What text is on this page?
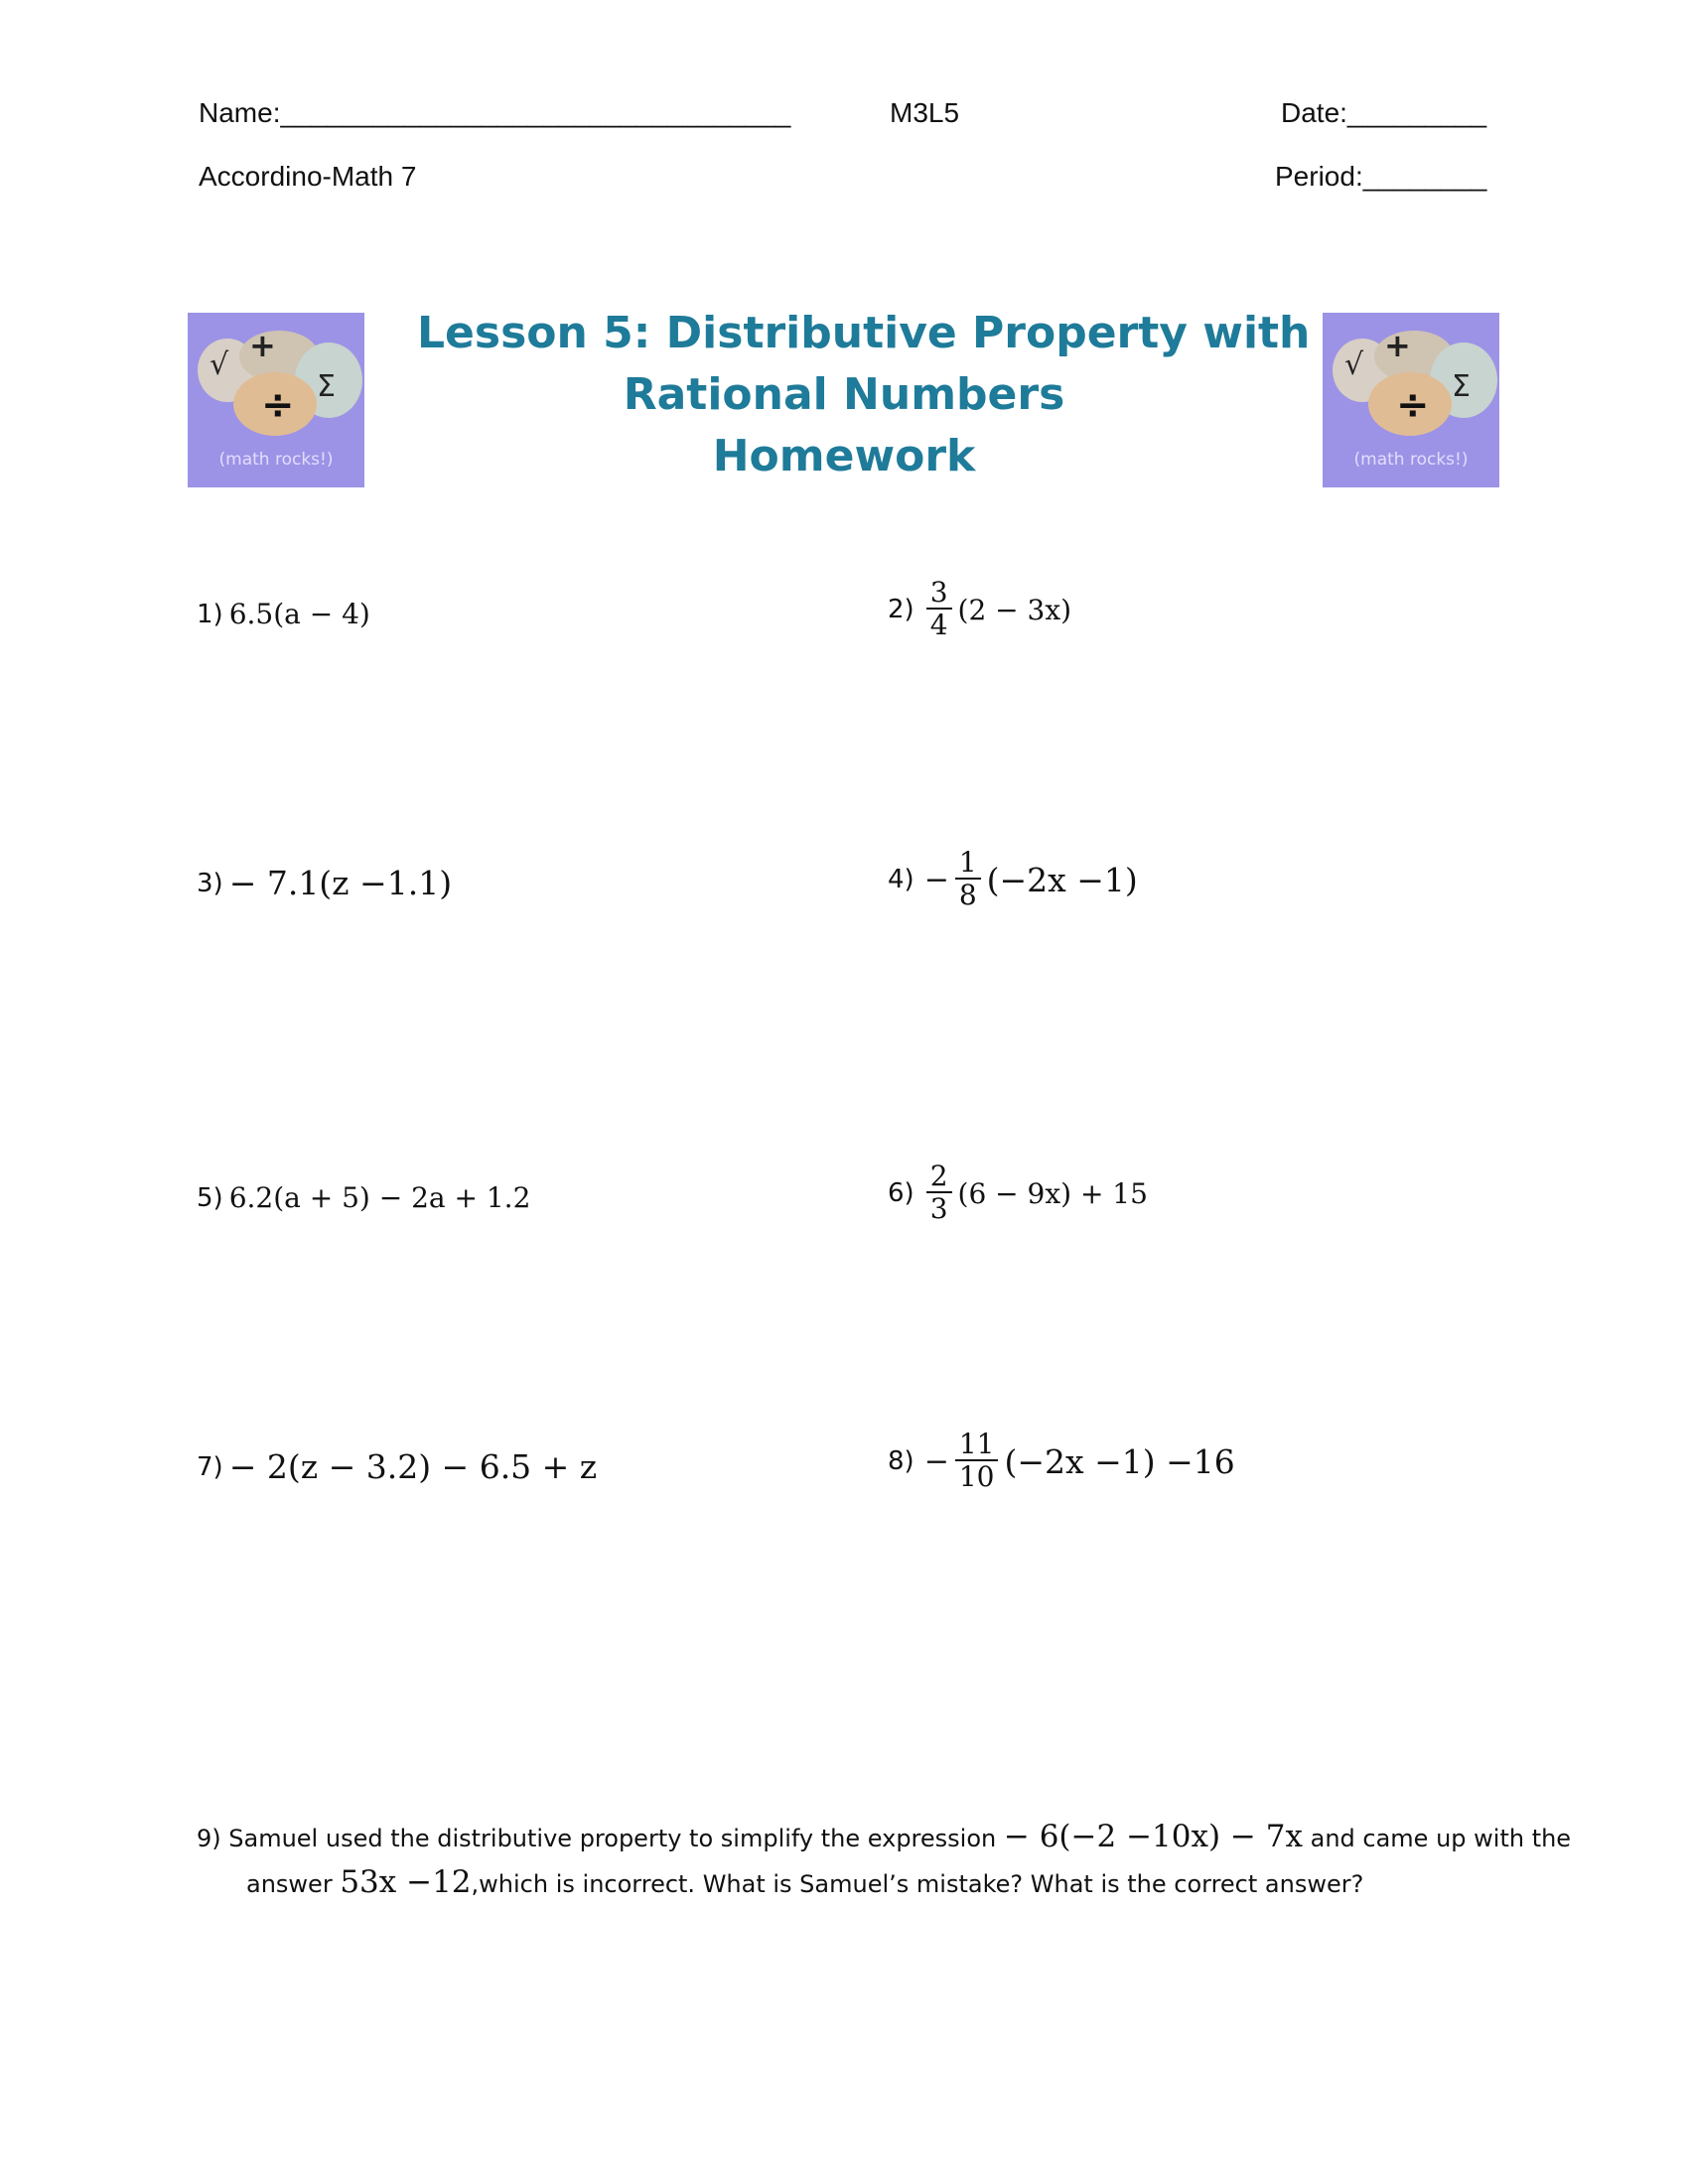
Name:_________________________________	M3L5	Date:_________
Accordino-Math 7	Period:________
√
+
÷ Σ
(math rocks!)
√
+
÷ Σ
(math rocks!)
Lesson 5: Distributive Property with
Rational Numbers
Homework
1) 6.5(a − 4)	$2) \frac{3}{4} (2 - 3x)$
3) − 7.1(z −1.1)	$4) - \frac{1}{8} (-2x -1)$
5) 6.2(a + 5) − 2a + 1.2	$6) \frac{2}{3} (6 - 9x) + 15$
7) − 2(z − 3.2) − 6.5 + z	$8) - \frac{11}{10} (-2x -1) -16$
9) Samuel used the distributive property to simplify the expression − 6(−2 −10x) − 7x and came up with the
answer 53x −12,which is incorrect. What is Samuel’s mistake? What is the correct answer?
